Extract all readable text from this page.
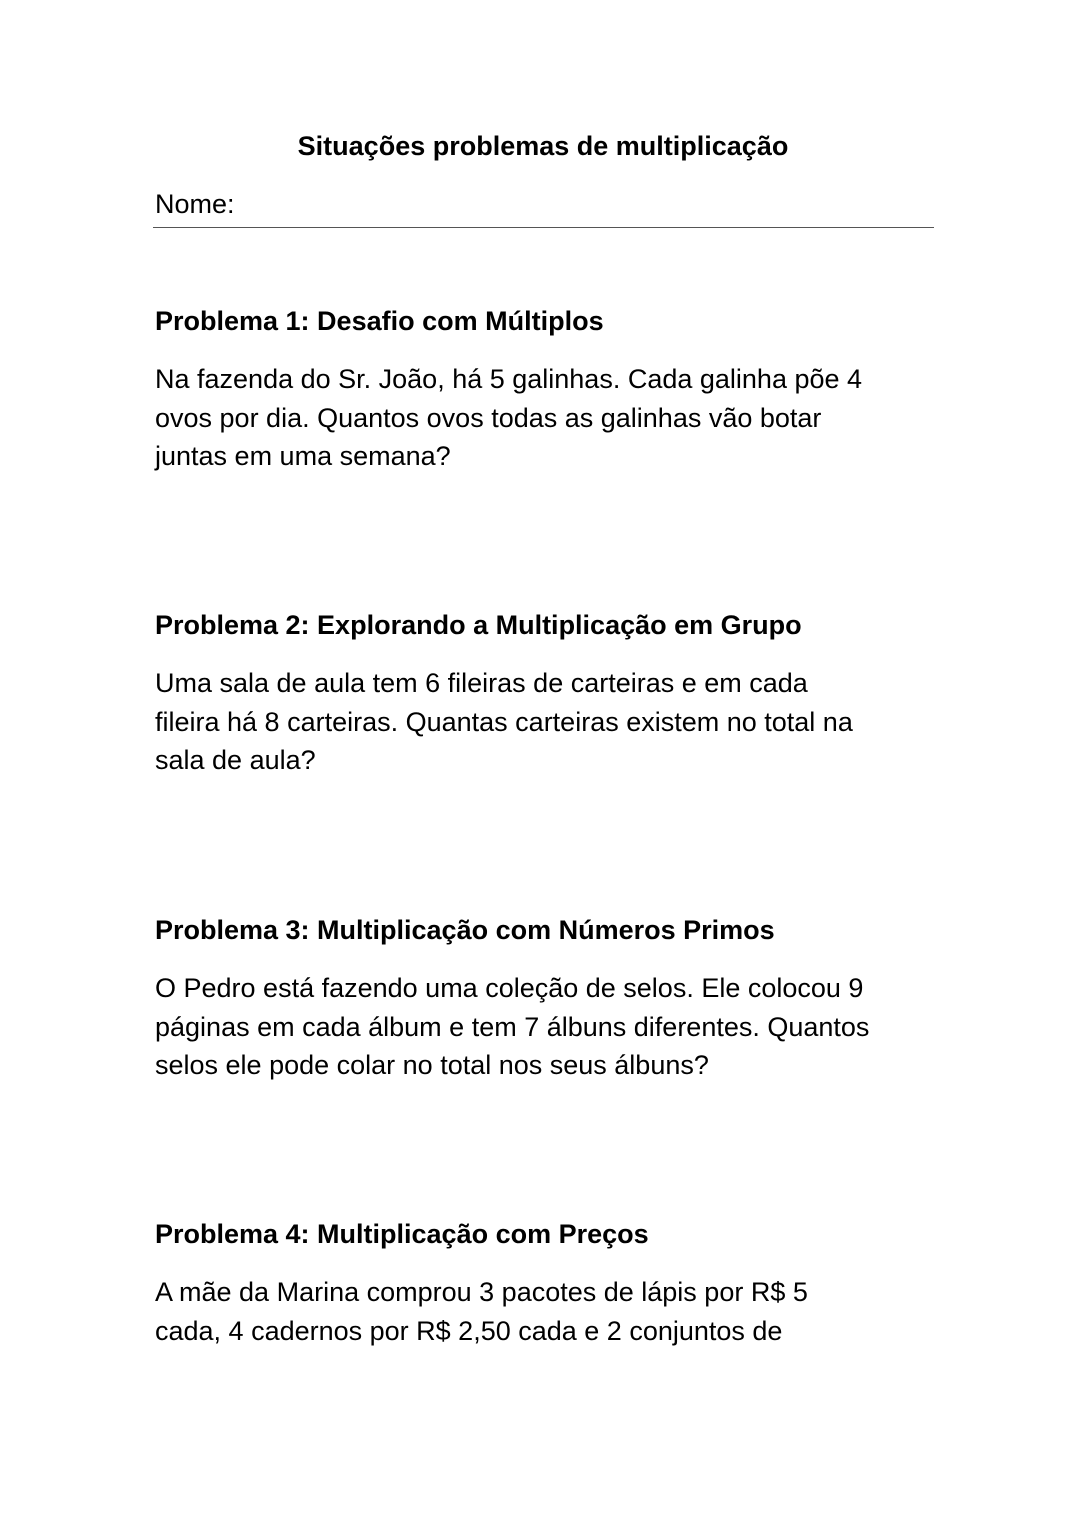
Situações problemas de multiplicação
Nome:
Problema 1: Desafio com Múltiplos

Na fazenda do Sr. João, há 5 galinhas. Cada galinha põe 4
ovos por dia. Quantos ovos todas as galinhas vão botar
juntas em uma semana?

Problema 2: Explorando a Multiplicação em Grupo

Uma sala de aula tem 6 fileiras de carteiras e em cada
fileira há 8 carteiras. Quantas carteiras existem no total na
sala de aula?

Problema 3: Multiplicação com Números Primos

O Pedro está fazendo uma coleção de selos. Ele colocou 9
páginas em cada álbum e tem 7 álbuns diferentes. Quantos
selos ele pode colar no total nos seus álbuns?

Problema 4: Multiplicação com Preços

A mãe da Marina comprou 3 pacotes de lápis por R$ 5
cada, 4 cadernos por R$ 2,50 cada e 2 conjuntos de
